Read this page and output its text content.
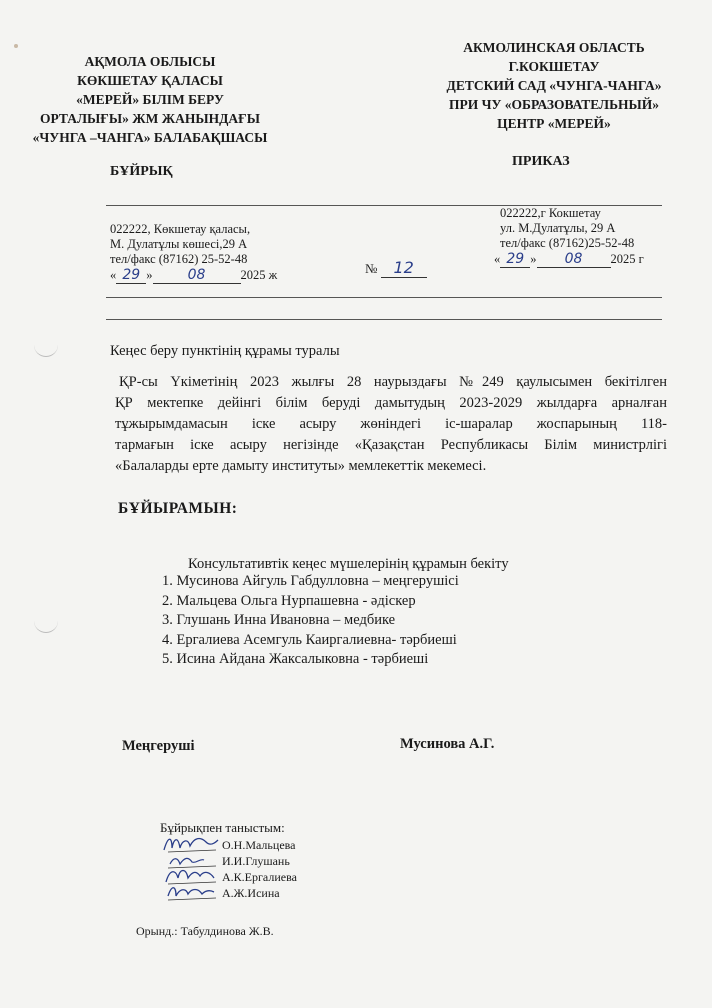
АҚМОЛА ОБЛЫСЫ
КӨКШЕТАУ ҚАЛАСЫ
«МЕРЕЙ» БІЛІМ БЕРУ
ОРТАЛЫҒЫ» ЖМ ЖАНЫНДАҒЫ
«ЧУНГА –ЧАНГА» БАЛАБАҚШАСЫ
АКМОЛИНСКАЯ ОБЛАСТЬ
Г.КОКШЕТАУ
ДЕТСКИЙ САД «ЧУНГА-ЧАНГА»
ПРИ ЧУ «ОБРАЗОВАТЕЛЬНЫЙ»
ЦЕНТР «МЕРЕЙ»
БҰЙРЫҚ
ПРИКАЗ
022222, Көкшетау қаласы,
М. Дулатұлы көшесі,29 А
тел/факс (87162) 25-52-48
« 29 »	08	2025 ж	№ 12
022222,г Кокшетау
ул. М.Дулатұлы, 29 А
тел/факс (87162)25-52-48
« 29 » 08 2025 г
Кеңес беру пунктінің құрамы туралы
ҚР-сы Үкіметінің 2023 жылғы 28 наурыздағы №249 қаулысымен бекітілген
ҚР мектепке дейінгі білім беруді дамытудың 2023-2029 жылдарға арналған
тұжырымдамасын іске асыру жөніндегі іс-шаралар жоспарының 118-
тармағын іске асыру негізінде «Қазақстан Республикасы Білім министрлігі
«Балаларды ерте дамыту институты» мемлекеттік мекемесі.
БҰЙЫРАМЫН:
Консультативтік кеңес мүшелерінің құрамын бекіту
1. Мусинова Айгуль Габдулловна – меңгерушісі
2. Мальцева Ольга Нурпашевна - әдіскер
3. Глушань Инна Ивановна – медбике
4. Ергалиева Асемгуль Каиргалиевна- тәрбиеші
5. Исина Айдана Жаксалыковна - тәрбиеші
Меңгеруші	Мусинова А.Г.
Бұйрықпен таныстым:
О.Н.Мальцева
И.И.Глушань
А.К.Ергалиева
А.Ж.Исина
Орынд.: Табулдинова Ж.В.
